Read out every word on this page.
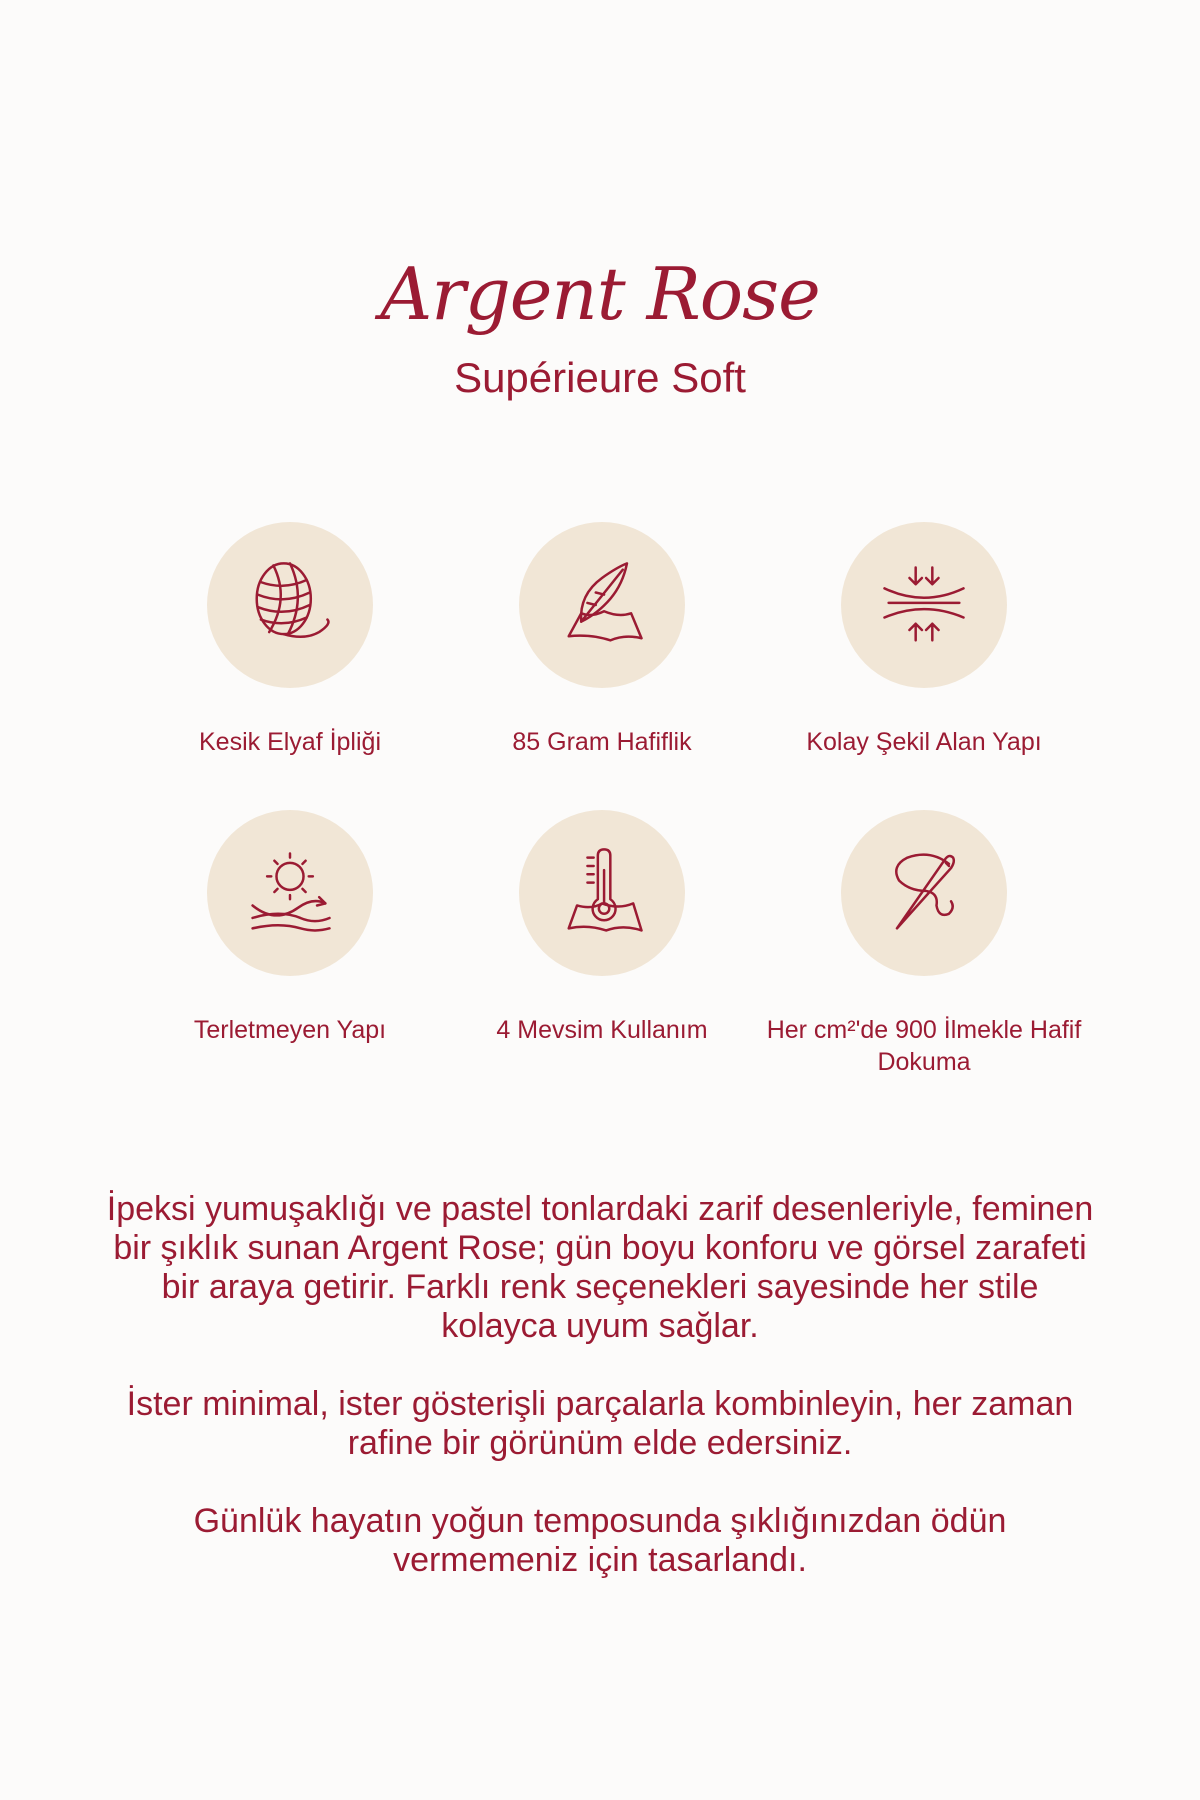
Argent Rose
Supérieure Soft
Kesik Elyaf İpliği	85 Gram Hafiflik	Kolay Şekil Alan Yapı
Terletmeyen Yapı	4 Mevsim Kullanım	Her cm²'de 900 İlmekle Hafif Dokuma

İpeksi yumuşaklığı ve pastel tonlardaki zarif desenleriyle, feminen bir şıklık sunan Argent Rose; gün boyu konforu ve görsel zarafeti bir araya getirir. Farklı renk seçenekleri sayesinde her stile kolayca uyum sağlar.

İster minimal, ister gösterişli parçalarla kombinleyin, her zaman rafine bir görünüm elde edersiniz.

Günlük hayatın yoğun temposunda şıklığınızdan ödün vermemeniz için tasarlandı.
